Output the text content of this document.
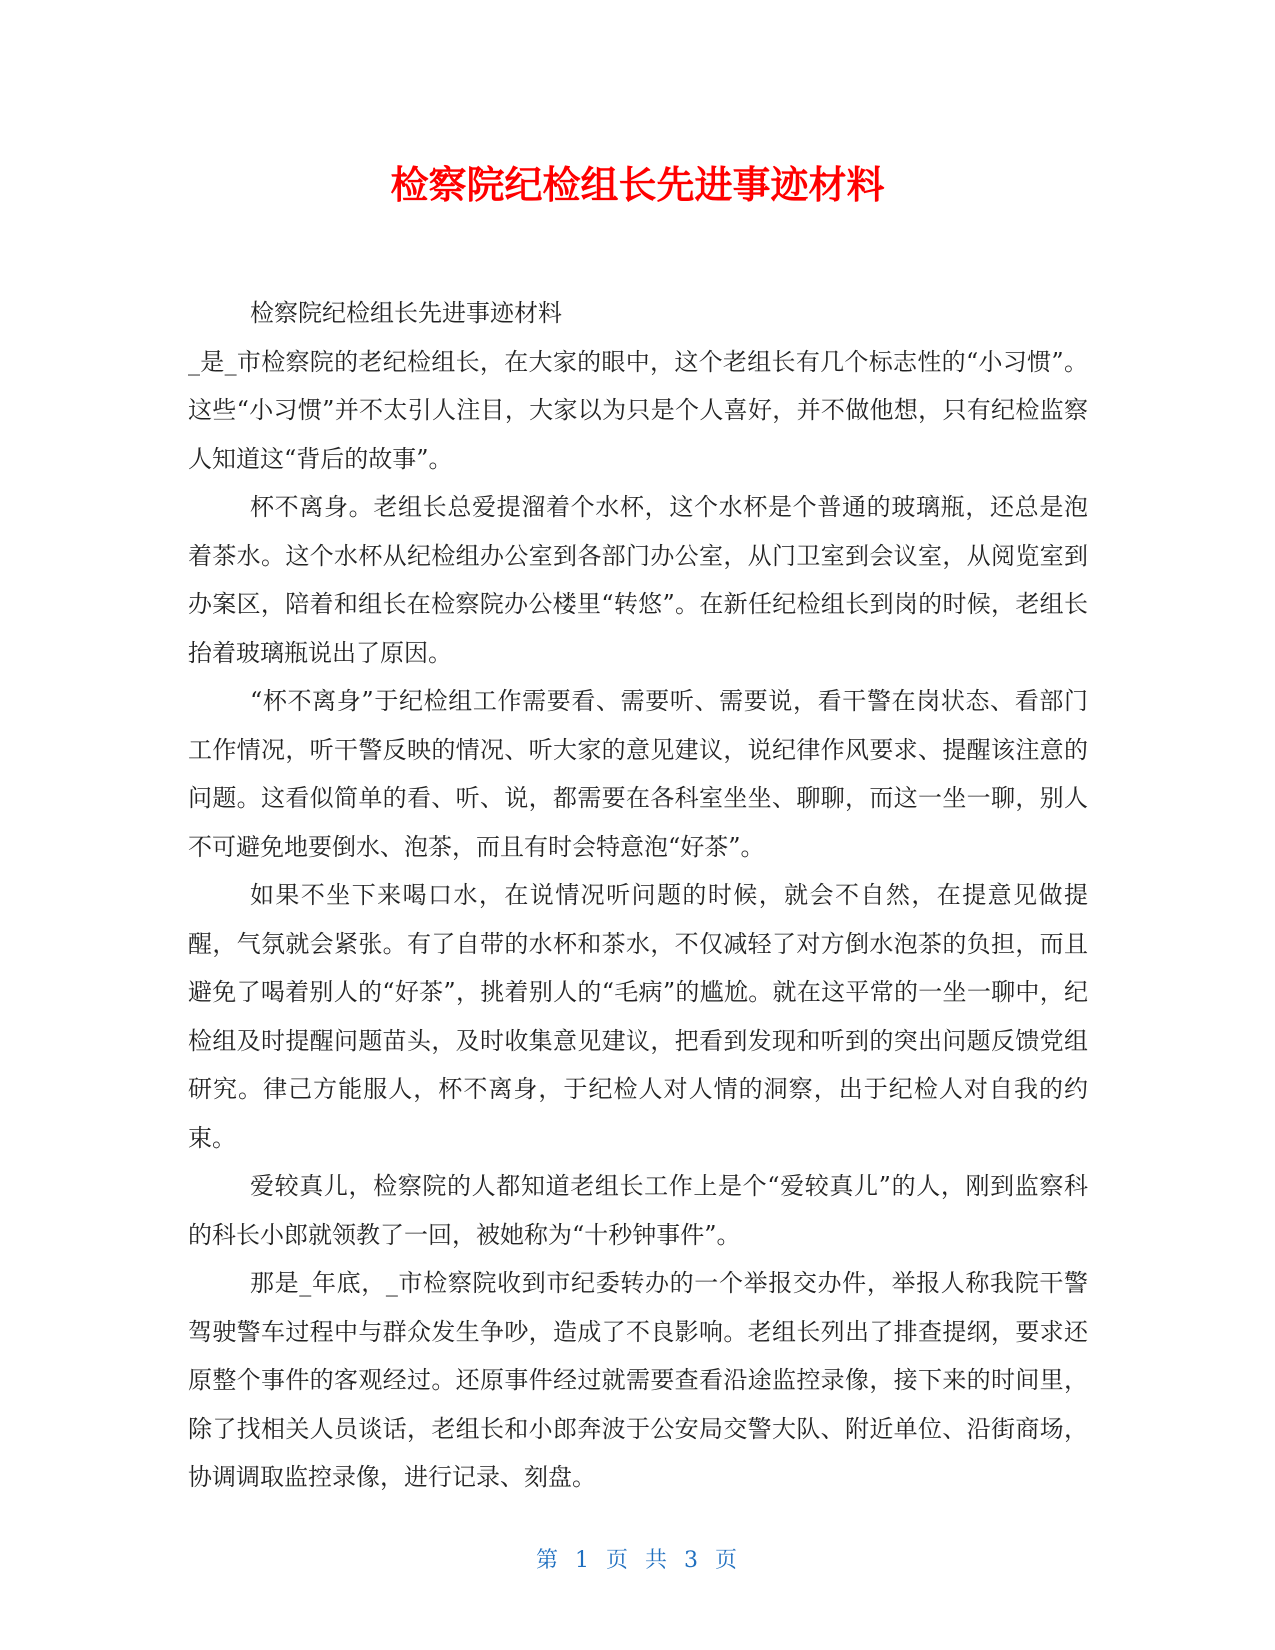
检察院纪检组长先进事迹材料

检察院纪检组长先进事迹材料

_是_市检察院的老纪检组长，在大家的眼中，这个老组长有几个标志性的“小习惯”。这些“小习惯”并不太引人注目，大家以为只是个人喜好，并不做他想，只有纪检监察人知道这“背后的故事”。

杯不离身。老组长总爱提溜着个水杯，这个水杯是个普通的玻璃瓶，还总是泡着茶水。这个水杯从纪检组办公室到各部门办公室，从门卫室到会议室，从阅览室到办案区，陪着和组长在检察院办公楼里“转悠”。在新任纪检组长到岗的时候，老组长抬着玻璃瓶说出了原因。

“杯不离身”于纪检组工作需要看、需要听、需要说，看干警在岗状态、看部门工作情况，听干警反映的情况、听大家的意见建议，说纪律作风要求、提醒该注意的问题。这看似简单的看、听、说，都需要在各科室坐坐、聊聊，而这一坐一聊，别人不可避免地要倒水、泡茶，而且有时会特意泡“好茶”。

如果不坐下来喝口水，在说情况听问题的时候，就会不自然，在提意见做提醒，气氛就会紧张。有了自带的水杯和茶水，不仅减轻了对方倒水泡茶的负担，而且避免了喝着别人的“好茶”，挑着别人的“毛病”的尴尬。就在这平常的一坐一聊中，纪检组及时提醒问题苗头，及时收集意见建议，把看到发现和听到的突出问题反馈党组研究。律己方能服人，杯不离身，于纪检人对人情的洞察，出于纪检人对自我的约束。

爱较真儿，检察院的人都知道老组长工作上是个“爱较真儿”的人，刚到监察科的科长小郎就领教了一回，被她称为“十秒钟事件”。

那是_年底，_市检察院收到市纪委转办的一个举报交办件，举报人称我院干警驾驶警车过程中与群众发生争吵，造成了不良影响。老组长列出了排查提纲，要求还原整个事件的客观经过。还原事件经过就需要查看沿途监控录像，接下来的时间里，除了找相关人员谈话，老组长和小郎奔波于公安局交警大队、附近单位、沿街商场，协调调取监控录像，进行记录、刻盘。

第 1 页 共 3 页
